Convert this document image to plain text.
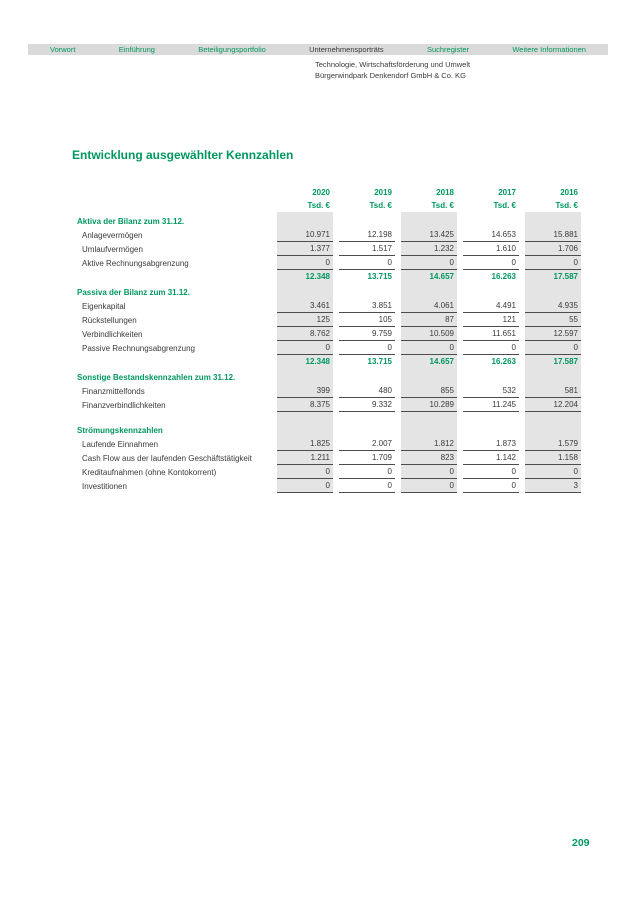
Vorwort	Einführung	Beteiligungsportfolio	Unternehmensporträts	Suchregister	Weitere Informationen
Technologie, Wirtschaftsförderung und Umwelt
Bürgerwindpark Denkendorf GmbH & Co. KG
Entwicklung ausgewählter Kennzahlen
	2020	2019	2018	2017	2016
	Tsd. €	Tsd. €	Tsd. €	Tsd. €	Tsd. €
Aktiva der Bilanz zum 31.12.					
Anlagevermögen	10.971	12.198	13.425	14.653	15.881
Umlaufvermögen	1.377	1.517	1.232	1.610	1.706
Aktive Rechnungsabgrenzung	0	0	0	0	0
	12.348	13.715	14.657	16.263	17.587
Passiva der Bilanz zum 31.12.					
Eigenkapital	3.461	3.851	4.061	4.491	4.935
Rückstellungen	125	105	87	121	55
Verbindlichkeiten	8.762	9.759	10.509	11.651	12.597
Passive Rechnungsabgrenzung	0	0	0	0	0
	12.348	13.715	14.657	16.263	17.587
Sonstige Bestandskennzahlen zum 31.12.					
Finanzmittelfonds	399	480	855	532	581
Finanzverbindlichkeiten	8.375	9.332	10.289	11.245	12.204

Strömungskennzahlen					
Laufende Einnahmen	1.825	2.007	1.812	1.873	1.579
Cash Flow aus der laufenden Geschäftstätigkeit	1.211	1.709	823	1.142	1.158
Kreditaufnahmen (ohne Kontokorrent)	0	0	0	0	0
Investitionen	0	0	0	0	3
209
